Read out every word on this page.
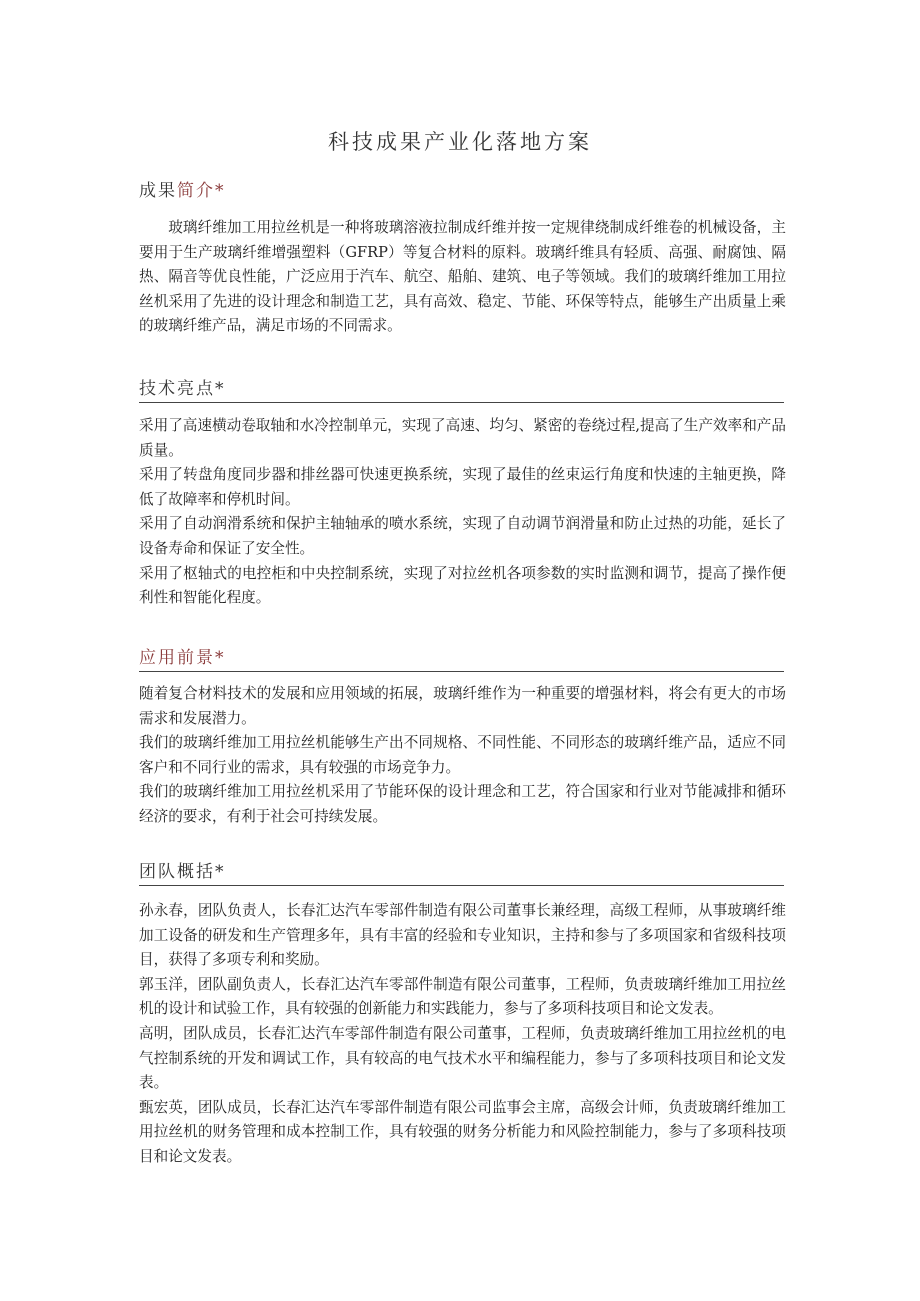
科技成果产业化落地方案
成果简介*

玻璃纤维加工用拉丝机是一种将玻璃溶液拉制成纤维并按一定规律绕制成纤维卷的机械设备，主要用于生产玻璃纤维增强塑料（GFRP）等复合材料的原料。玻璃纤维具有轻质、高强、耐腐蚀、隔热、隔音等优良性能，广泛应用于汽车、航空、船舶、建筑、电子等领域。我们的玻璃纤维加工用拉丝机采用了先进的设计理念和制造工艺，具有高效、稳定、节能、环保等特点，能够生产出质量上乘的玻璃纤维产品，满足市场的不同需求。

技术亮点*

采用了高速横动卷取轴和水冷控制单元，实现了高速、均匀、紧密的卷绕过程,提高了生产效率和产品质量。

采用了转盘角度同步器和排丝器可快速更换系统，实现了最佳的丝束运行角度和快速的主轴更换，降低了故障率和停机时间。

采用了自动润滑系统和保护主轴轴承的喷水系统，实现了自动调节润滑量和防止过热的功能，延长了设备寿命和保证了安全性。

采用了枢轴式的电控柜和中央控制系统，实现了对拉丝机各项参数的实时监测和调节，提高了操作便利性和智能化程度。

应用前景*

随着复合材料技术的发展和应用领域的拓展，玻璃纤维作为一种重要的增强材料，将会有更大的市场需求和发展潜力。

我们的玻璃纤维加工用拉丝机能够生产出不同规格、不同性能、不同形态的玻璃纤维产品，适应不同客户和不同行业的需求，具有较强的市场竞争力。

我们的玻璃纤维加工用拉丝机采用了节能环保的设计理念和工艺，符合国家和行业对节能减排和循环经济的要求，有利于社会可持续发展。

团队概括*

孙永春，团队负责人，长春汇达汽车零部件制造有限公司董事长兼经理，高级工程师，从事玻璃纤维加工设备的研发和生产管理多年，具有丰富的经验和专业知识，主持和参与了多项国家和省级科技项目，获得了多项专利和奖励。

郭玉洋，团队副负责人，长春汇达汽车零部件制造有限公司董事，工程师，负责玻璃纤维加工用拉丝机的设计和试验工作，具有较强的创新能力和实践能力，参与了多项科技项目和论文发表。

高明，团队成员，长春汇达汽车零部件制造有限公司董事，工程师，负责玻璃纤维加工用拉丝机的电气控制系统的开发和调试工作，具有较高的电气技术水平和编程能力，参与了多项科技项目和论文发表。

甄宏英，团队成员，长春汇达汽车零部件制造有限公司监事会主席，高级会计师，负责玻璃纤维加工用拉丝机的财务管理和成本控制工作，具有较强的财务分析能力和风险控制能力，参与了多项科技项目和论文发表。
